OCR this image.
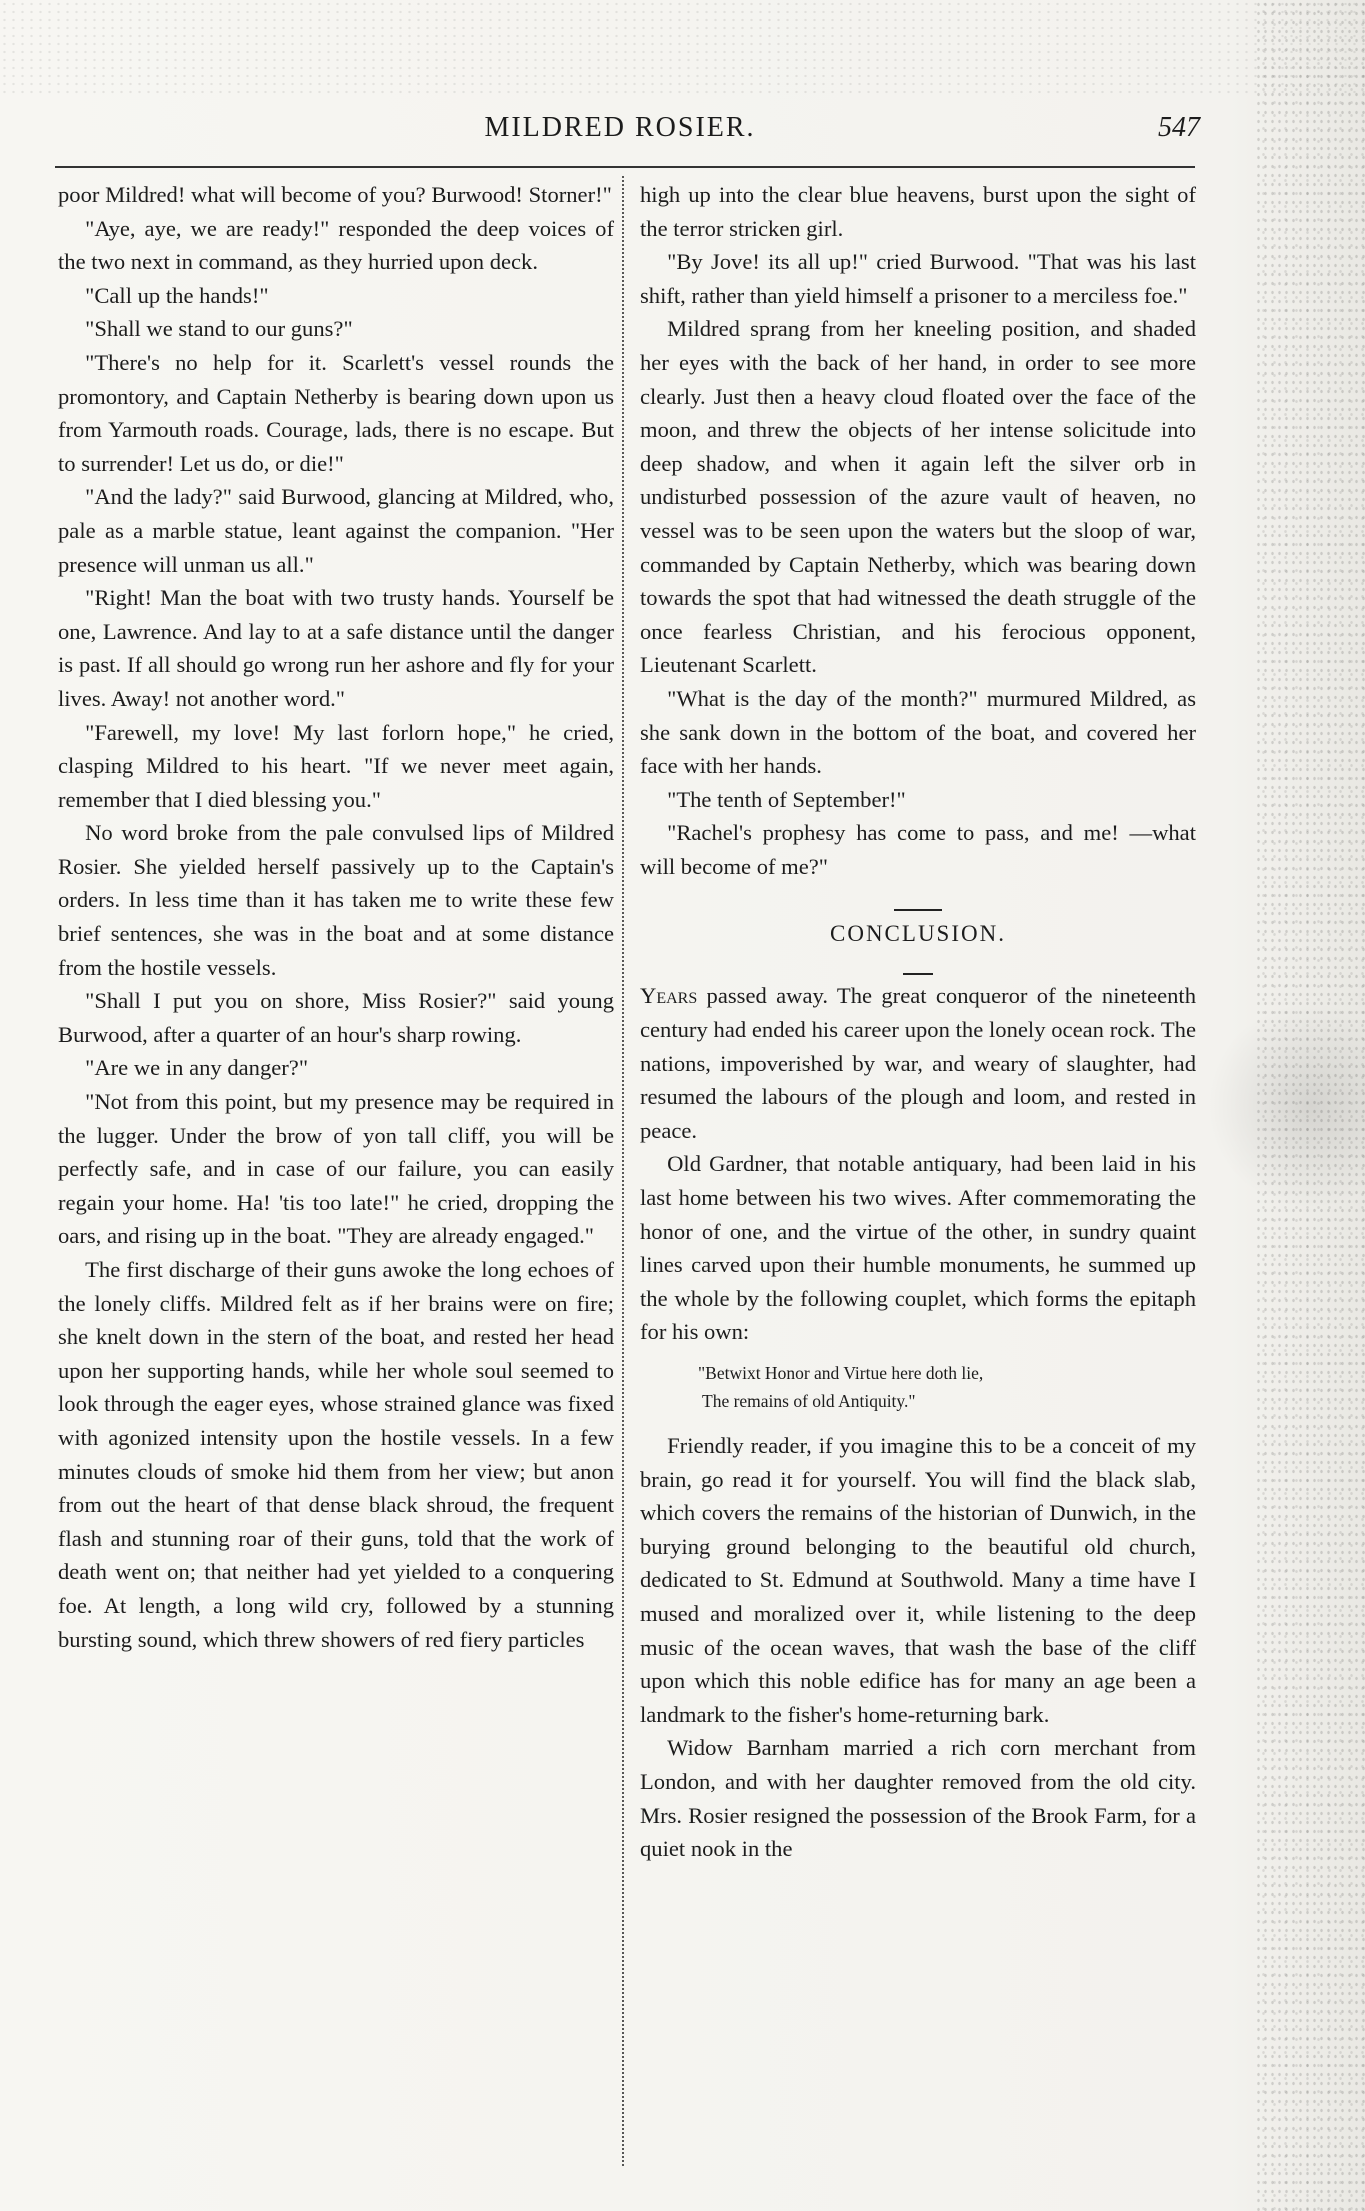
MILDRED ROSIER.	547

poor Mildred! what will become of you? Burwood! Storner!"

"Aye, aye, we are ready!" responded the deep voices of the two next in command, as they hurried upon deck.

"Call up the hands!"

"Shall we stand to our guns?"

"There's no help for it. Scarlett's vessel rounds the promontory, and Captain Netherby is bearing down upon us from Yarmouth roads. Courage, lads, there is no escape. But to surrender! Let us do, or die!"

"And the lady?" said Burwood, glancing at Mildred, who, pale as a marble statue, leant against the companion. "Her presence will unman us all."

"Right! Man the boat with two trusty hands. Yourself be one, Lawrence. And lay to at a safe distance until the danger is past. If all should go wrong run her ashore and fly for your lives. Away! not another word."

"Farewell, my love! My last forlorn hope," he cried, clasping Mildred to his heart. "If we never meet again, remember that I died blessing you."

No word broke from the pale convulsed lips of Mildred Rosier. She yielded herself passively up to the Captain's orders. In less time than it has taken me to write these few brief sentences, she was in the boat and at some distance from the hostile vessels.

"Shall I put you on shore, Miss Rosier?" said young Burwood, after a quarter of an hour's sharp rowing.

"Are we in any danger?"

"Not from this point, but my presence may be required in the lugger. Under the brow of yon tall cliff, you will be perfectly safe, and in case of our failure, you can easily regain your home. Ha! 'tis too late!" he cried, dropping the oars, and rising up in the boat. "They are already engaged."

The first discharge of their guns awoke the long echoes of the lonely cliffs. Mildred felt as if her brains were on fire; she knelt down in the stern of the boat, and rested her head upon her supporting hands, while her whole soul seemed to look through the eager eyes, whose strained glance was fixed with agonized intensity upon the hostile vessels. In a few minutes clouds of smoke hid them from her view; but anon from out the heart of that dense black shroud, the frequent flash and stunning roar of their guns, told that the work of death went on; that neither had yet yielded to a conquering foe. At length, a long wild cry, followed by a stunning bursting sound, which threw showers of red fiery particles

high up into the clear blue heavens, burst upon the sight of the terror stricken girl.

"By Jove! its all up!" cried Burwood. "That was his last shift, rather than yield himself a prisoner to a merciless foe."

Mildred sprang from her kneeling position, and shaded her eyes with the back of her hand, in order to see more clearly. Just then a heavy cloud floated over the face of the moon, and threw the objects of her intense solicitude into deep shadow, and when it again left the silver orb in undisturbed possession of the azure vault of heaven, no vessel was to be seen upon the waters but the sloop of war, commanded by Captain Netherby, which was bearing down towards the spot that had witnessed the death struggle of the once fearless Christian, and his ferocious opponent, Lieutenant Scarlett.

"What is the day of the month?" murmured Mildred, as she sank down in the bottom of the boat, and covered her face with her hands.

"The tenth of September!"

"Rachel's prophesy has come to pass, and me! —what will become of me?"

CONCLUSION.

Years passed away. The great conqueror of the nineteenth century had ended his career upon the lonely ocean rock. The nations, impoverished by war, and weary of slaughter, had resumed the labours of the plough and loom, and rested in peace.

Old Gardner, that notable antiquary, had been laid in his last home between his two wives. After commemorating the honor of one, and the virtue of the other, in sundry quaint lines carved upon their humble monuments, he summed up the whole by the following couplet, which forms the epitaph for his own:

"Betwixt Honor and Virtue here doth lie,
The remains of old Antiquity."

Friendly reader, if you imagine this to be a conceit of my brain, go read it for yourself. You will find the black slab, which covers the remains of the historian of Dunwich, in the burying ground belonging to the beautiful old church, dedicated to St. Edmund at Southwold. Many a time have I mused and moralized over it, while listening to the deep music of the ocean waves, that wash the base of the cliff upon which this noble edifice has for many an age been a landmark to the fisher's home-returning bark.

Widow Barnham married a rich corn merchant from London, and with her daughter removed from the old city. Mrs. Rosier resigned the possession of the Brook Farm, for a quiet nook in the
